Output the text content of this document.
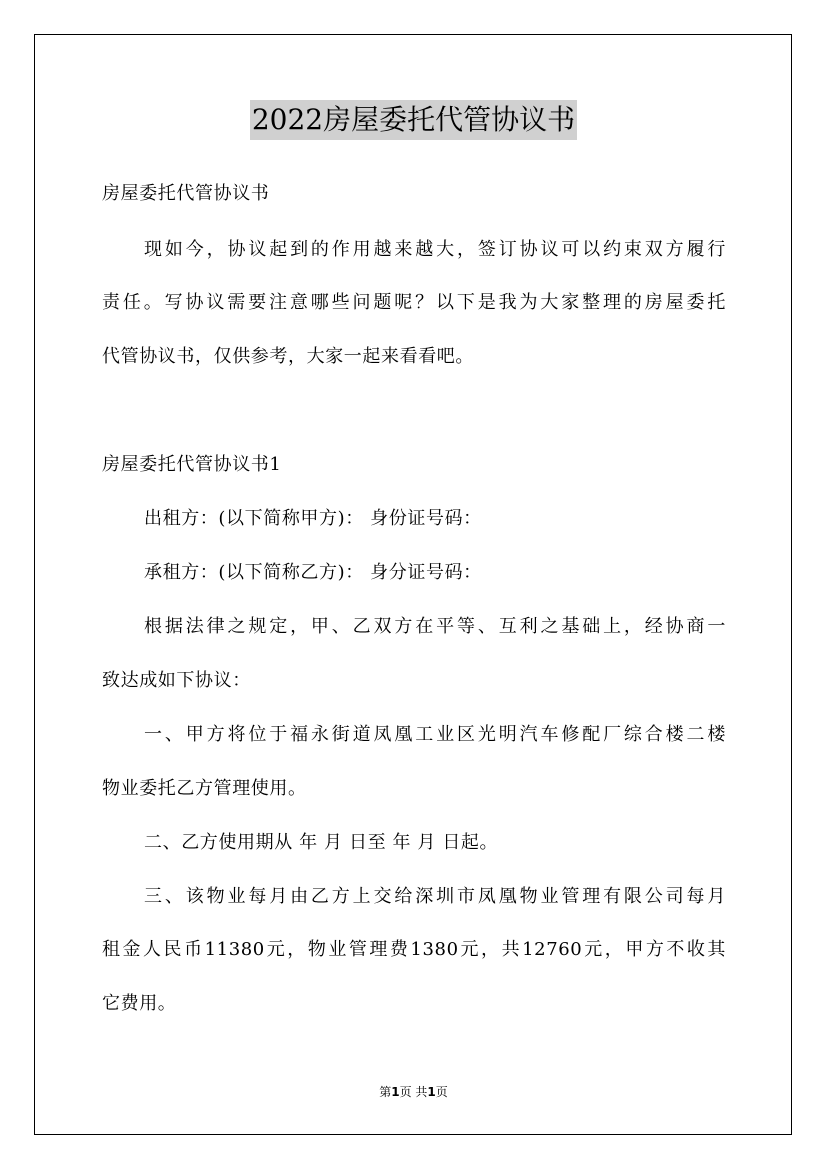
2022房屋委托代管协议书
房屋委托代管协议书
现如今，协议起到的作用越来越大，签订协议可以约束双方履行
责任。写协议需要注意哪些问题呢？以下是我为大家整理的房屋委托
代管协议书，仅供参考，大家一起来看看吧。
房屋委托代管协议书1
出租方：(以下简称甲方)： 身份证号码：
承租方：(以下简称乙方)： 身分证号码：
根据法律之规定，甲、乙双方在平等、互利之基础上，经协商一
致达成如下协议：
一、甲方将位于福永街道凤凰工业区光明汽车修配厂综合楼二楼
物业委托乙方管理使用。
二、乙方使用期从 年 月 日至 年 月 日起。
三、该物业每月由乙方上交给深圳市凤凰物业管理有限公司每月
租金人民币11380元，物业管理费1380元，共12760元，甲方不收其
它费用。
第1页 共1页
